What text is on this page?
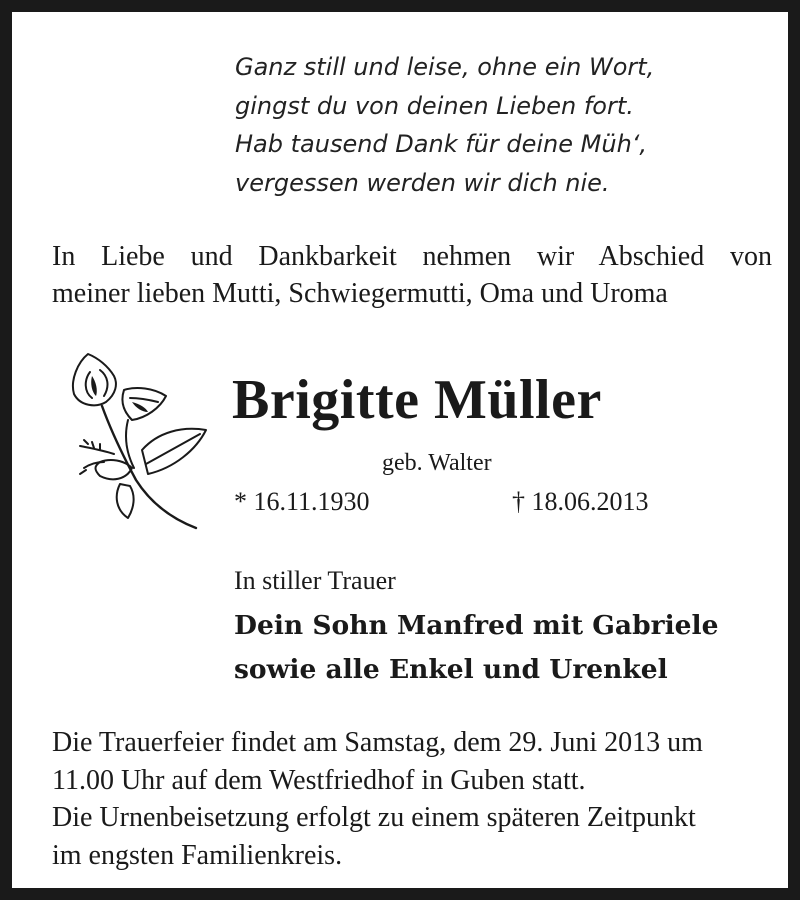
Ganz still und leise, ohne ein Wort,
gingst du von deinen Lieben fort.
Hab tausend Dank für deine Müh‘,
vergessen werden wir dich nie.
In Liebe und Dankbarkeit nehmen wir Abschied von
meiner lieben Mutti, Schwiegermutti, Oma und Uroma
Brigitte Müller
geb. Walter
* 16.11.1930	† 18.06.2013
In stiller Trauer
Dein Sohn Manfred mit Gabriele
sowie alle Enkel und Urenkel
Die Trauerfeier findet am Samstag, dem 29. Juni 2013 um
11.00 Uhr auf dem Westfriedhof in Guben statt.
Die Urnenbeisetzung erfolgt zu einem späteren Zeitpunkt
im engsten Familienkreis.
